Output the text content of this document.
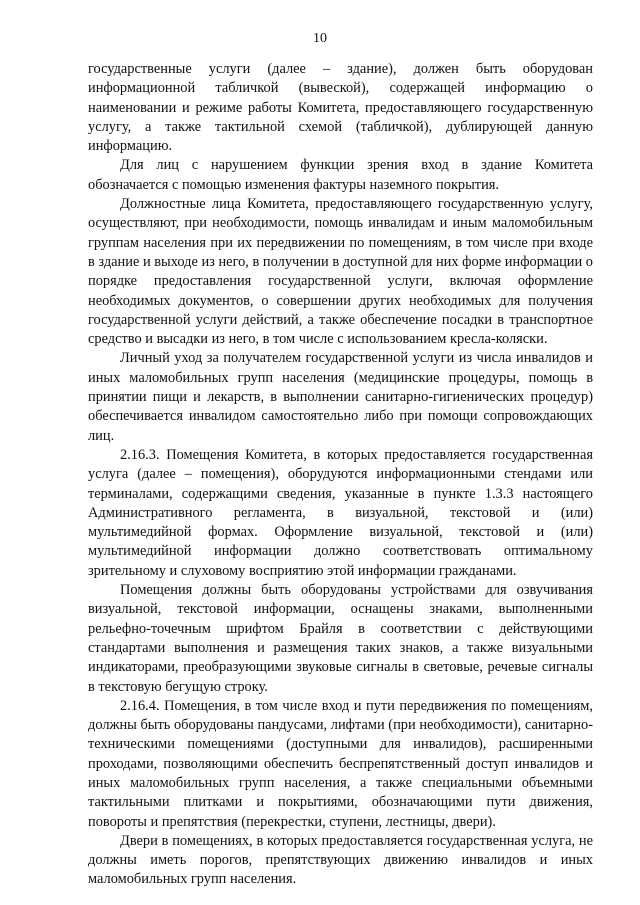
10

государственные услуги (далее – здание), должен быть оборудован информационной табличкой (вывеской), содержащей информацию о наименовании и режиме работы Комитета, предоставляющего государственную услугу, а также тактильной схемой (табличкой), дублирующей данную информацию.

Для лиц с нарушением функции зрения вход в здание Комитета обозначается с помощью изменения фактуры наземного покрытия.

Должностные лица Комитета, предоставляющего государственную услугу, осуществляют, при необходимости, помощь инвалидам и иным маломобильным группам населения при их передвижении по помещениям, в том числе при входе в здание и выходе из него, в получении в доступной для них форме информации о порядке предоставления государственной услуги, включая оформление необходимых документов, о совершении других необходимых для получения государственной услуги действий, а также обеспечение посадки в транспортное средство и высадки из него, в том числе с использованием кресла-коляски.

Личный уход за получателем государственной услуги из числа инвалидов и иных маломобильных групп населения (медицинские процедуры, помощь в принятии пищи и лекарств, в выполнении санитарно-гигиенических процедур) обеспечивается инвалидом самостоятельно либо при помощи сопровождающих лиц.

2.16.3. Помещения Комитета, в которых предоставляется государственная услуга (далее – помещения), оборудуются информационными стендами или терминалами, содержащими сведения, указанные в пункте 1.3.3 настоящего Административного регламента, в визуальной, текстовой и (или) мультимедийной формах. Оформление визуальной, текстовой и (или) мультимедийной информации должно соответствовать оптимальному зрительному и слуховому восприятию этой информации гражданами.

Помещения должны быть оборудованы устройствами для озвучивания визуальной, текстовой информации, оснащены знаками, выполненными рельефно-точечным шрифтом Брайля в соответствии с действующими стандартами выполнения и размещения таких знаков, а также визуальными индикаторами, преобразующими звуковые сигналы в световые, речевые сигналы в текстовую бегущую строку.

2.16.4. Помещения, в том числе вход и пути передвижения по помещениям, должны быть оборудованы пандусами, лифтами (при необходимости), санитарно-техническими помещениями (доступными для инвалидов), расширенными проходами, позволяющими обеспечить беспрепятственный доступ инвалидов и иных маломобильных групп населения, а также специальными объемными тактильными плитками и покрытиями, обозначающими пути движения, повороты и препятствия (перекрестки, ступени, лестницы, двери).

Двери в помещениях, в которых предоставляется государственная услуга, не должны иметь порогов, препятствующих движению инвалидов и иных маломобильных групп населения.
